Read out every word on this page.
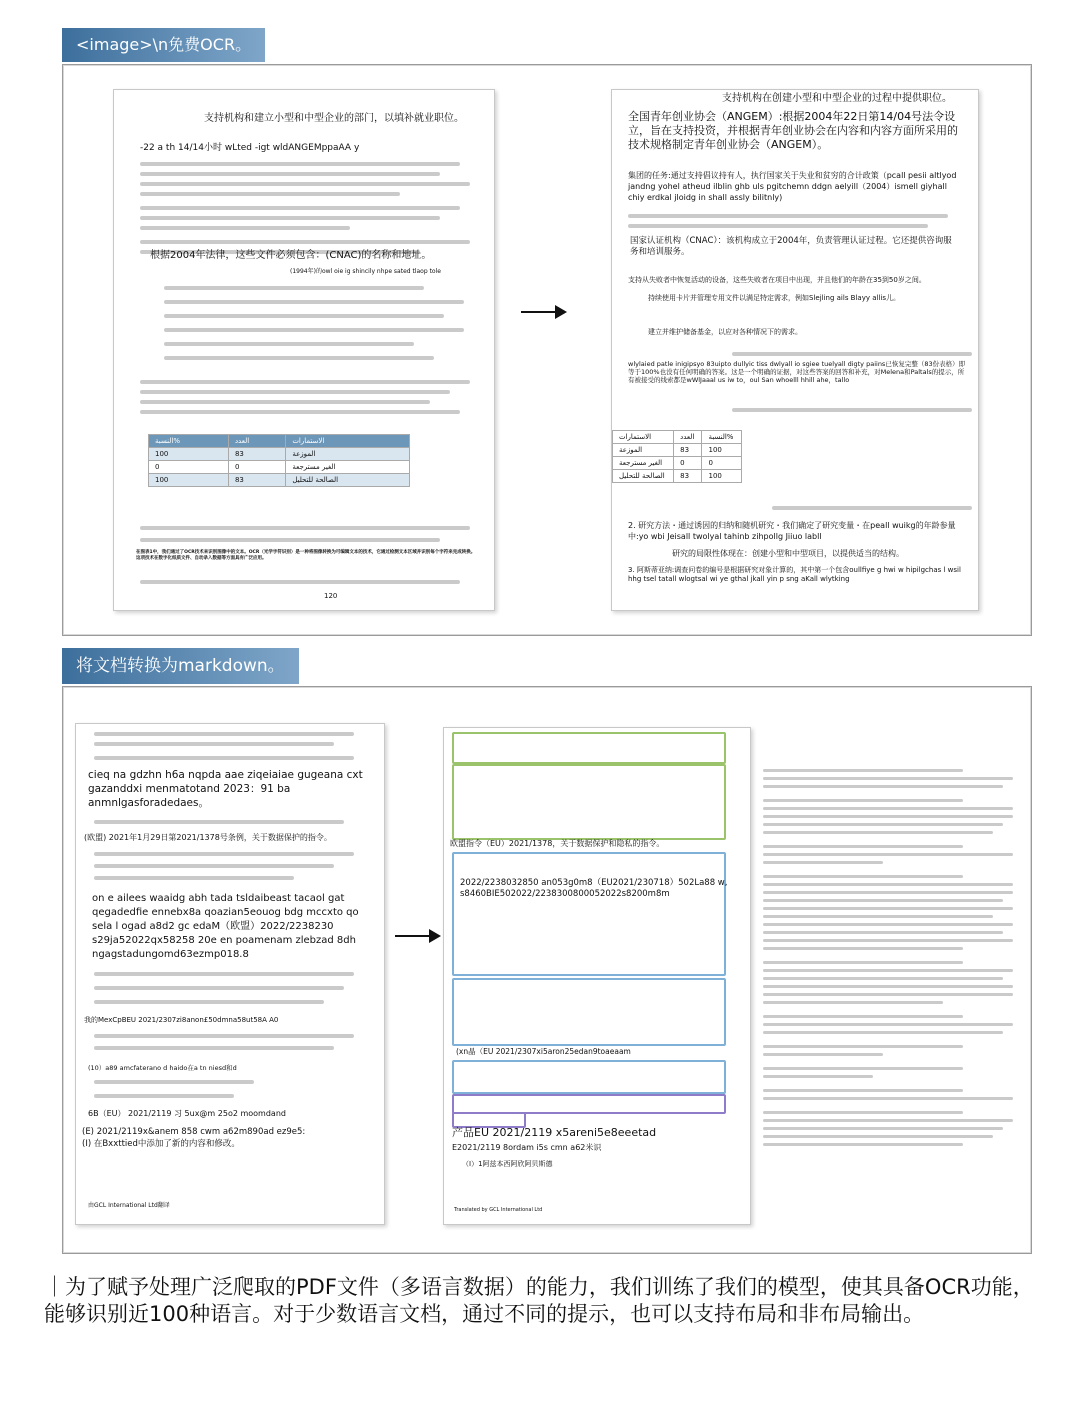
<image>\n免费OCR。
支持机构和建立小型和中型企业的部门，以填补就业职位。
-22 a th 14/14小时 wLted -igt wldANGEMppaAA y
根据2004年法律，这些文件必须包含：(CNAC)的名称和地址。
(1994年)的owl oie ig shincily nhpe sated tlaop tole
النسبة%	العدد	الاستمارات
100	83	الموزعة
0	0	الغير مسترجعة
100	83	الصالحة للتحليل
在图表1中，我们通过了OCR技术来识别图像中的文本。OCR（光学字符识别）是一种将图像转换为可编辑文本的技术，它通过检测文本区域并识别每个字符来完成转换。这项技术在数字化纸质文件、自动录入数据等方面具有广泛应用。
120
支持机构在创建小型和中型企业的过程中提供职位。
全国青年创业协会（ANGEM）:根据2004年22日第14/04号法令设立，旨在支持投资，并根据青年创业协会在内容和内容方面所采用的技术规格制定青年创业协会（ANGEM）。
集团的任务:通过支持倡议持有人，执行国家关于失业和贫穷的合计政策（pcall pesii altlyod jandng yohel atheud ilblin ghb uls pgitchemn ddgn aelyill（2004）ismell giyhall chiy erdkal jloidg in shall assly bilitnly)
国家认证机构（CNAC）：该机构成立于2004年，负责管理认证过程。它还提供咨询服务和培训服务。
支持从失败者中恢复活动的设备，这些失败者在项目中出现，并且他们的年龄在35到50岁之间。
持续使用卡片并管理专用文件以满足特定需求，例如Slejling ails Blayy allis儿。
建立并维护储备基金，以应对各种情况下的需求。
wlylaied patle inigipsyo 83uipto dullyic tiss dwlyall io sgiee tuelyall digty paiins已恢复完整（83份表格）即等于100%也没有任何明确的答案。这是一个明确的证据，对这些答案的回答和补充，对Melena和Paltals的提示，所有被接受的线索都是wWlJaaal us iw to，oul San whoelll hhill ahe，tallo
الاستمارات	العدد	النسبة%
الموزعة	83	100
الغير مسترجعة	0	0
الصالحة للتحليل	83	100
2. 研究方法・通过诱因的归纳和随机研究・我们确定了研究变量・在peall wuikg的年龄参量中:yo wbi Jeisall twolyal tahinb zihpollg Jiiuo labll
研究的局限性体现在：创建小型和中型项目，以提供适当的结构。
3. 阿斯蒂亚纳:调查问卷的编号是根据研究对象计算的，其中第一个包含oullfiye g hwi w hipilgchas l wsil hhg tsel tatall wlogtsal wi ye gthal jkall yin p sng aKall wlytking
将文档转换为markdown。
cieq na gdzhn h6a nqpda aae ziqeiaiae gugeana cxt gazanddxi menmatotand 2023：91 ba anmnlgasforadedaes。
(欧盟) 2021年1月29日第2021/1378号条例，关于数据保护的指令。
on e ailees waaidg abh tada tsldaibeast tacaol gat qegadedfie ennebx8a qoazian5eouog bdg mccxto qo sela l ogad a8d2 gc edaM（欧盟）2022/2238230 s29ja52022qx58258 20e en poamenam zlebzad 8dh ngagstadungomd63ezmp018.8
我的MexCpBEU 2021/2307zi8anon£50dmna58ut58A A0
(10）a89 amcfaterano d haido在a tn niesd和d
6B（EU） 2021/2119 习 5ux@m 25o2 moomdand
(E) 2021/2119x&anem 858 cwm a62m890ad ez9e5:
(I) 在Bxxttied中添加了新的内容和修改。
由GCL International Ltd翻译
欧盟指令（EU）2021/1378，关于数据保护和隐私的指令。
2022/2238032850 an053g0m8（EU2021/230718）502La88 w, s8460BIE502022/2238300800052022s8200m8m
(xn晶（EU 2021/2307xi5aron25edan9toaeaam
产品EU 2021/2119 x5areni5e8eeetad
E2021/2119 8ordam i5s cmn a62米识
（I）1阿兹本西阿欣阿贝斯德
Translated by GCL International Ltd
｜为了赋予处理广泛爬取的PDF文件（多语言数据）的能力，我们训练了我们的模型，使其具备OCR功能，能够识别近100种语言。对于少数语言文档，通过不同的提示，也可以支持布局和非布局输出。
